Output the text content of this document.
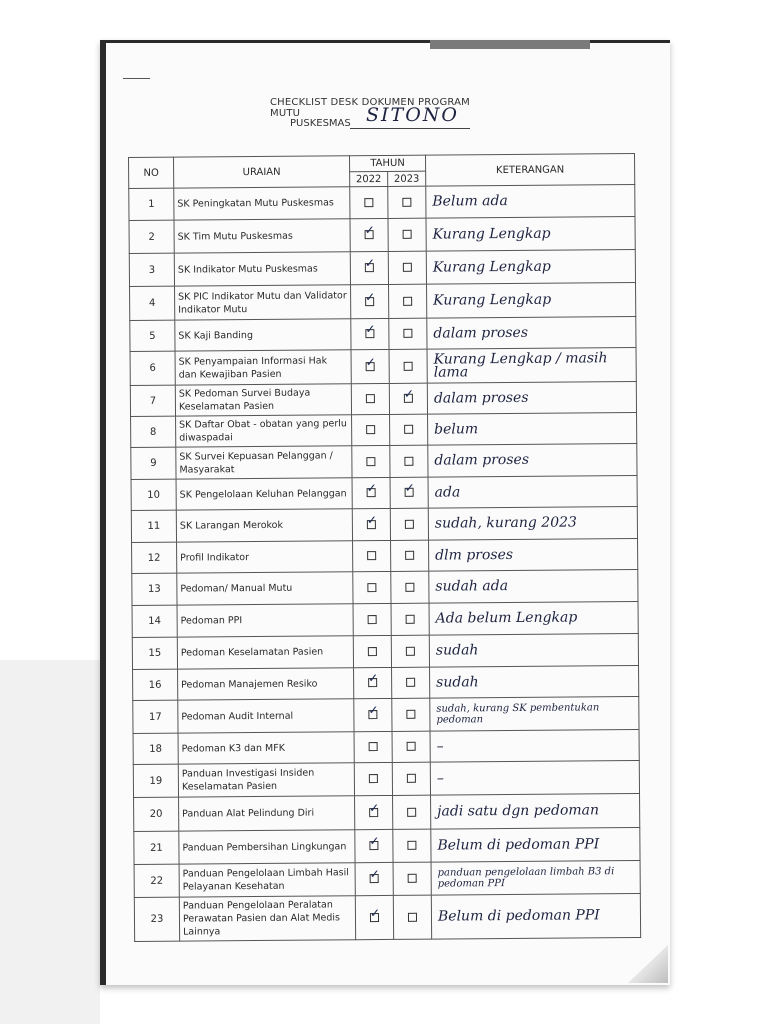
CHECKLIST DESK DOKUMEN PROGRAM MUTU
PUSKESMAS SITONO
NO	URAIAN	TAHUN		KETERANGAN
		2022	2023	
1	SK Peningkatan Mutu Puskesmas			Belum ada
2	SK Tim Mutu Puskesmas	✓		Kurang Lengkap
3	SK Indikator Mutu Puskesmas	✓		Kurang Lengkap
4	SK PIC Indikator Mutu dan Validator Indikator Mutu	✓		Kurang Lengkap
5	SK Kaji Banding	✓		dalam proses
6	SK Penyampaian Informasi Hak dan Kewajiban Pasien	✓		Kurang Lengkap / masih lama
7	SK Pedoman Survei Budaya Keselamatan Pasien		✓	dalam proses
8	SK Daftar Obat - obatan yang perlu diwaspadai			belum
9	SK Survei Kepuasan Pelanggan / Masyarakat			dalam proses
10	SK Pengelolaan Keluhan Pelanggan	✓	✓	ada
11	SK Larangan Merokok	✓		sudah, kurang 2023
12	Profil Indikator			dlm proses
13	Pedoman/ Manual Mutu			sudah ada
14	Pedoman PPI			Ada belum Lengkap
15	Pedoman Keselamatan Pasien			sudah
16	Pedoman Manajemen Resiko	✓		sudah
17	Pedoman Audit Internal	✓		sudah, kurang SK pembentukan pedoman
18	Pedoman K3 dan MFK			–
19	Panduan Investigasi Insiden Keselamatan Pasien			–
20	Panduan Alat Pelindung Diri	✓		jadi satu dgn pedoman
21	Panduan Pembersihan Lingkungan	✓		Belum di pedoman PPI
22	Panduan Pengelolaan Limbah Hasil Pelayanan Kesehatan	✓		panduan pengelolaan limbah B3 di pedoman PPI
23	Panduan Pengelolaan Peralatan Perawatan Pasien dan Alat Medis Lainnya	✓		Belum di pedoman PPI
